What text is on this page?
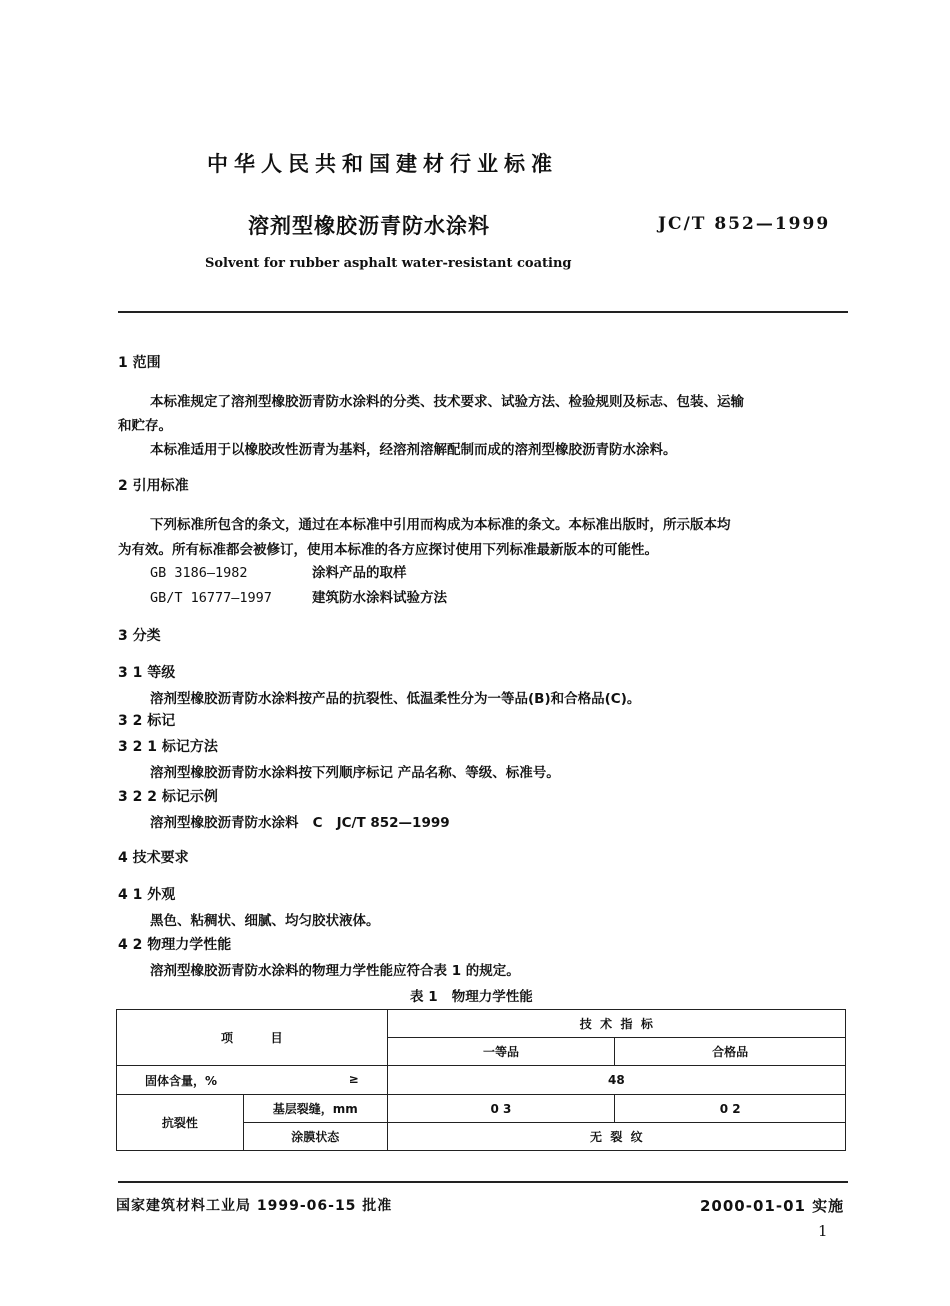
中华人民共和国建材行业标准
溶剂型橡胶沥青防水涂料	JC/T 852—1999
Solvent for rubber asphalt water-resistant coating
1 范围
本标准规定了溶剂型橡胶沥青防水涂料的分类、技术要求、试验方法、检验规则及标志、包装、运输
和贮存。
本标准适用于以橡胶改性沥青为基料，经溶剂溶解配制而成的溶剂型橡胶沥青防水涂料。
2 引用标准
下列标准所包含的条文，通过在本标准中引用而构成为本标准的条文。本标准出版时，所示版本均
为有效。所有标准都会被修订，使用本标准的各方应探讨使用下列标准最新版本的可能性。
GB 3186—1982	涂料产品的取样
GB/T 16777—1997	建筑防水涂料试验方法
3 分类
3 1 等级
溶剂型橡胶沥青防水涂料按产品的抗裂性、低温柔性分为一等品(B)和合格品(C)。
3 2 标记
3 2 1 标记方法
溶剂型橡胶沥青防水涂料按下列顺序标记 产品名称、等级、标准号。
3 2 2 标记示例
溶剂型橡胶沥青防水涂料   C   JC/T 852—1999
4 技术要求
4 1 外观
黑色、粘稠状、细腻、均匀胶状液体。
4 2 物理力学性能
溶剂型橡胶沥青防水涂料的物理力学性能应符合表 1 的规定。
表 1   物理力学性能
项         目		技  术  指  标	
		一等品	合格品

固体含量，% ≥		48	
抗裂性	基层裂缝，mm	0 3	0 2
	涂膜状态	无  裂  纹	
国家建筑材料工业局 1999-06-15 批准	2000-01-01 实施
1
